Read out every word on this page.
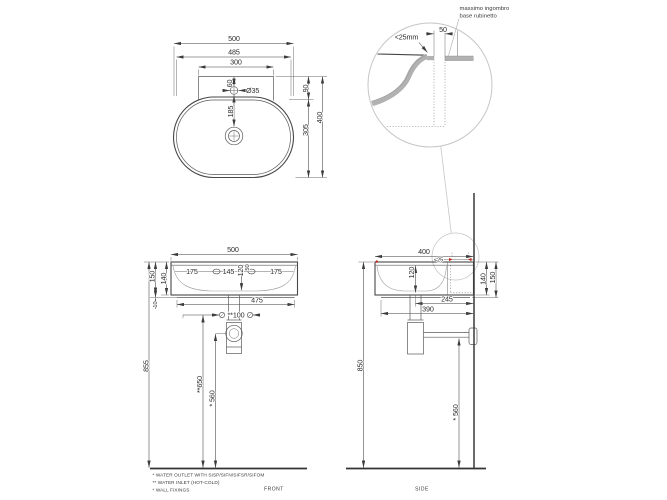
500
485
300
60
Ø35
185
90
305
400
massimo ingombro
base rubinetto
<25mm
50
500
175	145 120 50	175
140
150
10	475
**100
855
**650
* 560
FRONT
400
<25
120
140 150
245
390
850
* 560
SIDE
* WATER OUTLET WITH SISP/SIFN/SIFSR/SIFOM
** WATER INLET (HOT-COLD)
* WALL FIXINGS
